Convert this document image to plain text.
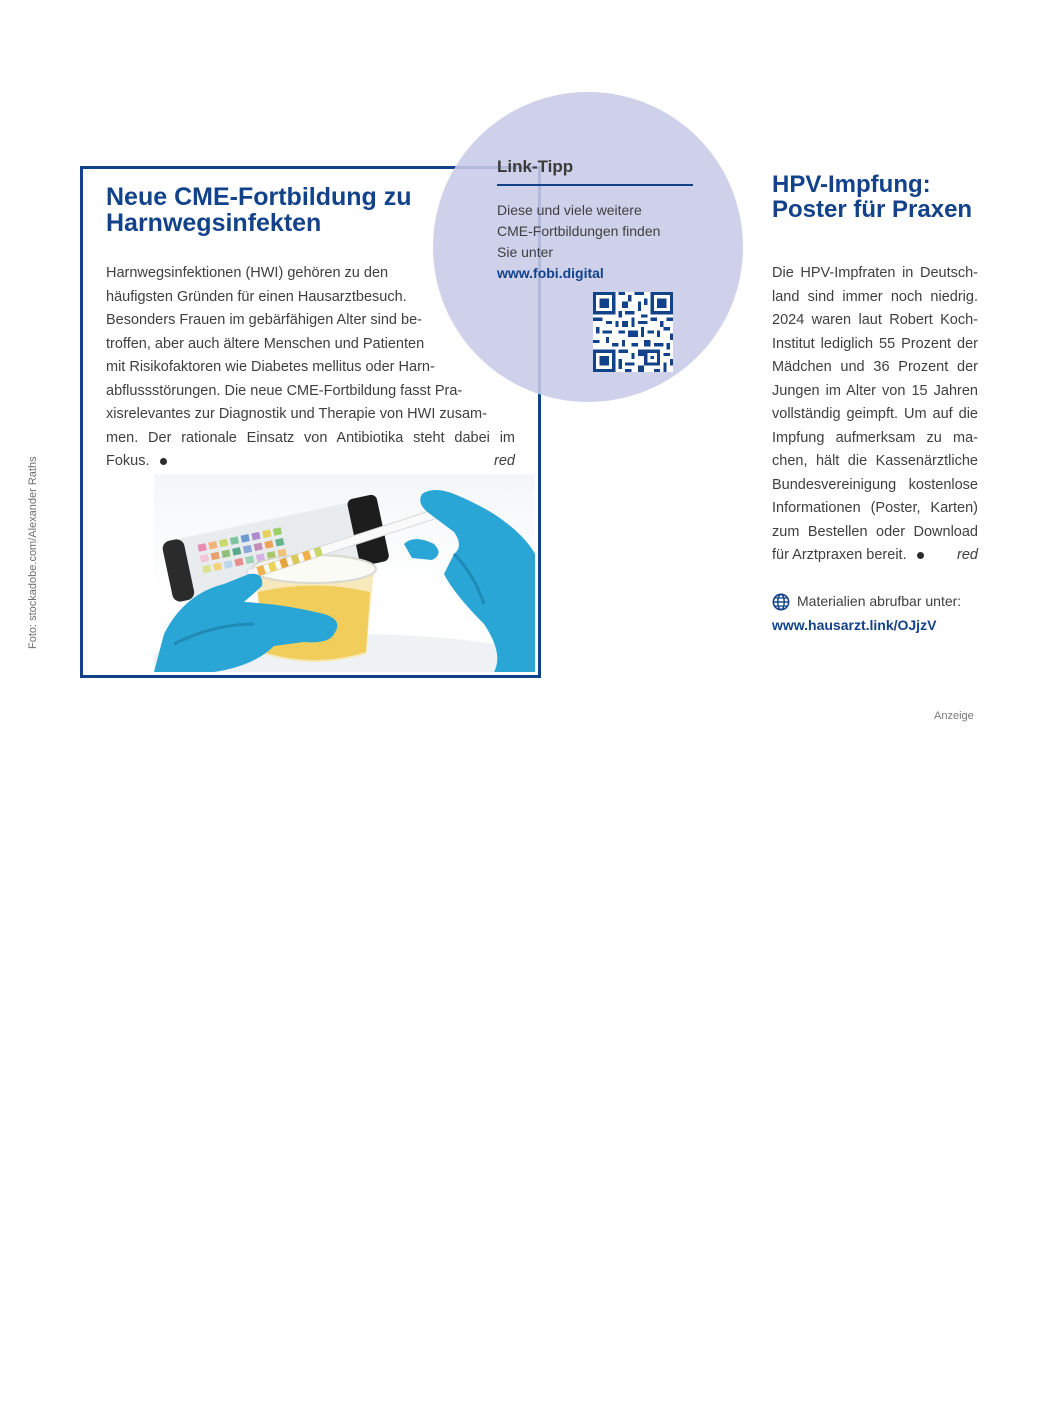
Foto: stockadobe.com/Alexander Raths
Neue CME-Fortbildung zu Harnwegsinfekten
Harnwegsinfektionen (HWI) gehören zu den
häufigsten Gründen für einen Hausarztbesuch.
Besonders Frauen im gebärfähigen Alter sind be-
troffen, aber auch ältere Menschen und Patienten
mit Risikofaktoren wie Diabetes mellitus oder Harn-
abflussstörungen. Die neue CME-Fortbildung fasst Pra-
xisrelevantes zur Diagnostik und Therapie von HWI zusam-
men. Der rationale Einsatz von Antibiotika steht dabei im
Fokus.	red
Link-Tipp
Diese und viele weitere
CME-Fortbildungen finden
Sie unter
www.fobi.digital
HPV-Impfung:
Poster für Praxen
Die HPV-Impfraten in Deutsch-
land sind immer noch niedrig.
2024 waren laut Robert Koch-
Institut lediglich 55 Prozent der
Mädchen und 36 Prozent der
Jungen im Alter von 15 Jahren
vollständig geimpft. Um auf die
Impfung aufmerksam zu ma-
chen, hält die Kassenärztliche
Bundesvereinigung kostenlose
Informationen (Poster, Karten)
zum Bestellen oder Download
für Arztpraxen bereit.	red
Materialien abrufbar unter:
www.hausarzt.link/OJjzV
Anzeige
